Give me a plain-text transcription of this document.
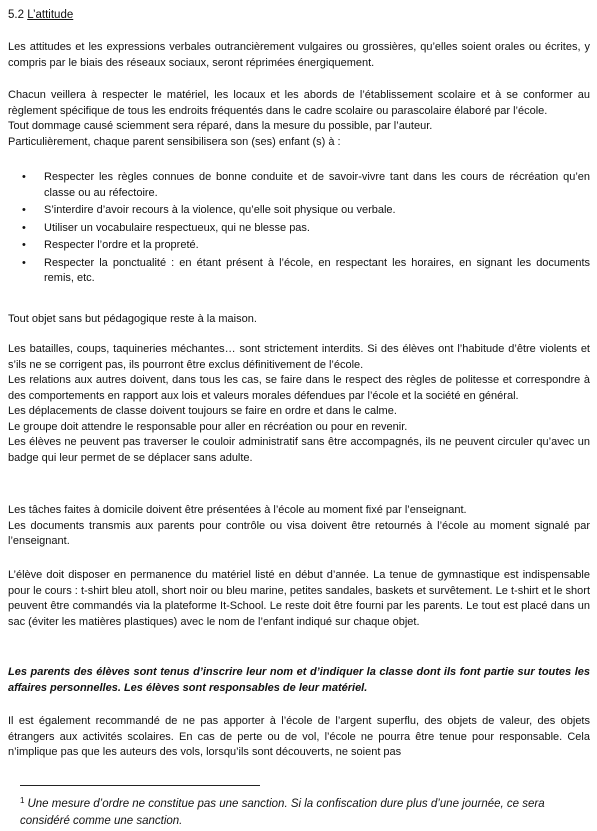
5.2 L’attitude

Les attitudes et les expressions verbales outrancièrement vulgaires ou grossières, qu’elles soient orales ou écrites, y compris par le biais des réseaux sociaux, seront réprimées énergiquement.

Chacun veillera à respecter le matériel, les locaux et les abords de l’établissement scolaire et à se conformer au règlement spécifique de tous les endroits fréquentés dans le cadre scolaire ou parascolaire élaboré par l’école.
Tout dommage causé sciemment sera réparé, dans la mesure du possible, par l’auteur.
Particulièrement, chaque parent sensibilisera son (ses) enfant (s) à :
• Respecter les règles connues de bonne conduite et de savoir-vivre tant dans les cours de récréation qu’en classe ou au réfectoire.
• S’interdire d’avoir recours à la violence, qu’elle soit physique ou verbale.
• Utiliser un vocabulaire respectueux, qui ne blesse pas.
• Respecter l’ordre et la propreté.
• Respecter la ponctualité : en étant présent à l’école, en respectant les horaires, en signant les documents remis, etc.

Tout objet sans but pédagogique reste à la maison.

Les batailles, coups, taquineries méchantes… sont strictement interdits. Si des élèves ont l’habitude d’être violents et s’ils ne se corrigent pas, ils pourront être exclus définitivement de l’école.
Les relations aux autres doivent, dans tous les cas, se faire dans le respect des règles de politesse et correspondre à des comportements en rapport aux lois et valeurs morales défendues par l’école et la société en général.
Les déplacements de classe doivent toujours se faire en ordre et dans le calme.
Le groupe doit attendre le responsable pour aller en récréation ou pour en revenir.
Les élèves ne peuvent pas traverser le couloir administratif sans être accompagnés, ils ne peuvent circuler qu’avec un badge qui leur permet de se déplacer sans adulte.
Les tâches faites à domicile doivent être présentées à l’école au moment fixé par l’enseignant.
Les documents transmis aux parents pour contrôle ou visa doivent être retournés à l’école au moment signalé par l’enseignant.

L’élève doit disposer en permanence du matériel listé en début d’année. La tenue de gymnastique est indispensable pour le cours : t-shirt bleu atoll, short noir ou bleu marine, petites sandales, baskets et survêtement. Le t-shirt et le short peuvent être commandés via la plateforme It-School. Le reste doit être fourni par les parents. Le tout est placé dans un sac (éviter les matières plastiques) avec le nom de l’enfant indiqué sur chaque objet.

Les parents des élèves sont tenus d’inscrire leur nom et d’indiquer la classe dont ils font partie sur toutes les affaires personnelles. Les élèves sont responsables de leur matériel.

Il est également recommandé de ne pas apporter à l’école de l’argent superflu, des objets de valeur, des objets étrangers aux activités scolaires. En cas de perte ou de vol, l’école ne pourra être tenue pour responsable. Cela n’implique pas que les auteurs des vols, lorsqu’ils sont découverts, ne soient pas

$^1$ Une mesure d’ordre ne constitue pas une sanction. Si la confiscation dure plus d’une journée, ce sera considéré comme une sanction.
